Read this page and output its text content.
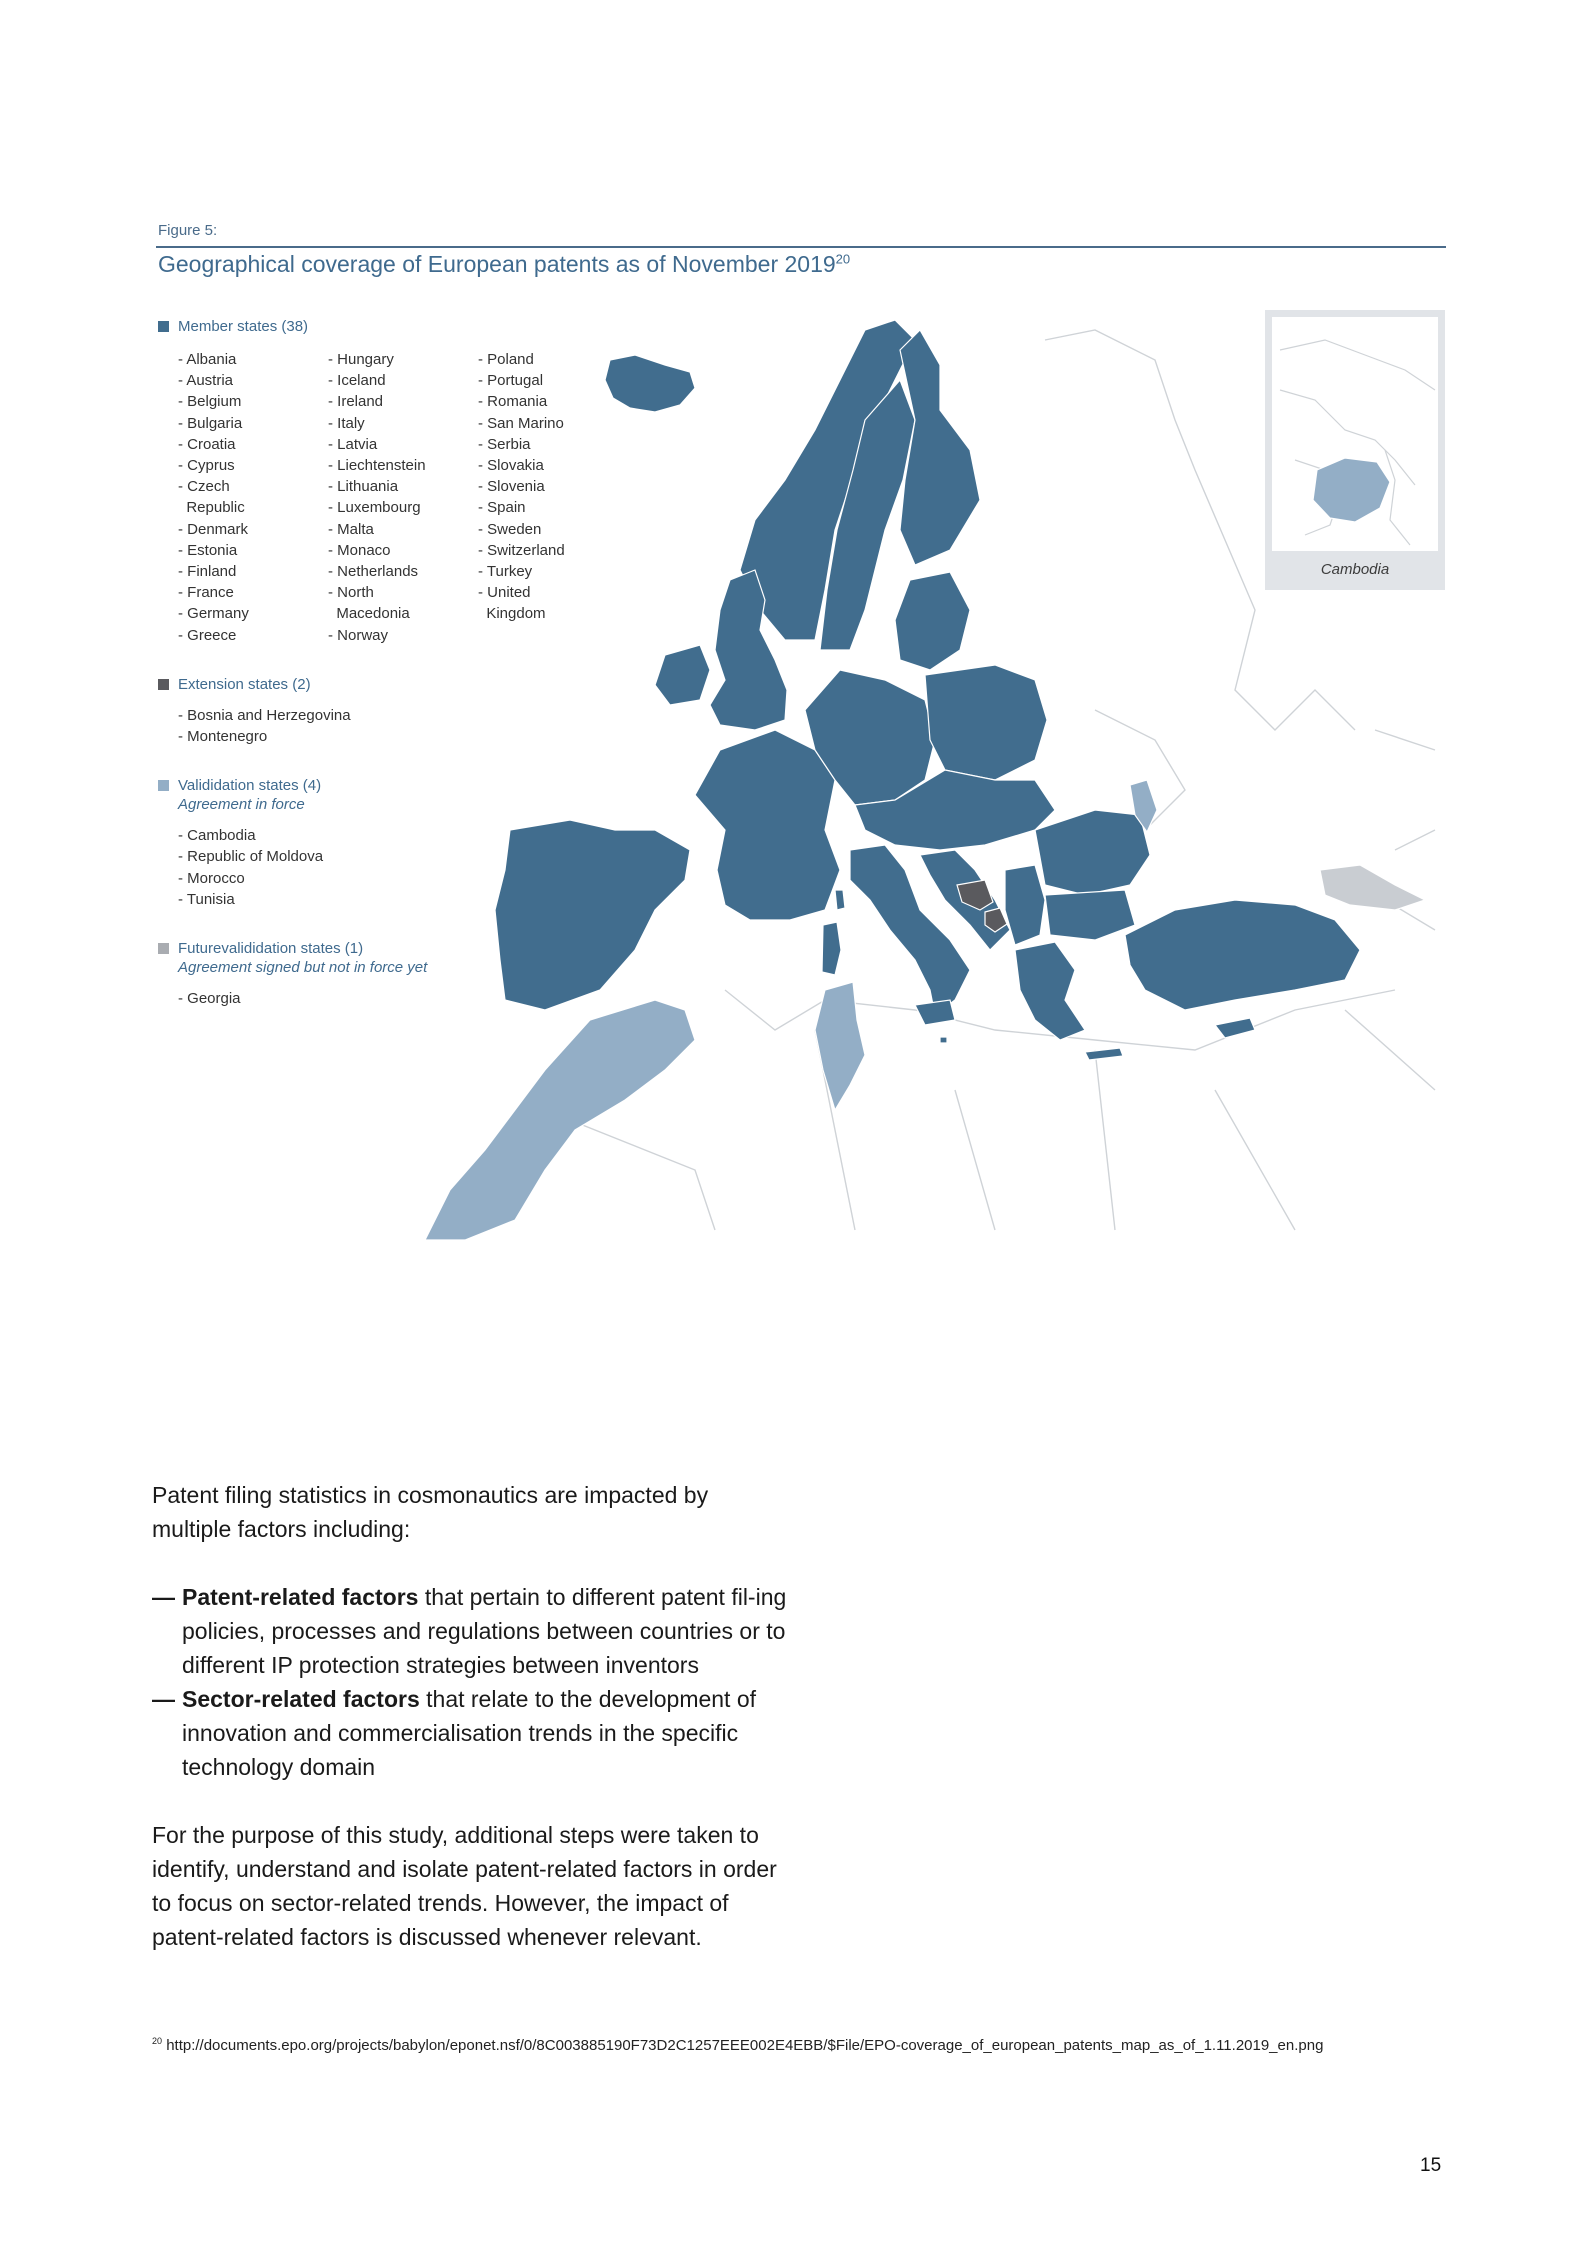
Figure 5:
Geographical coverage of European patents as of November 2019$^{20}$
Member states (38)
- Albania
- Austria
- Belgium
- Bulgaria
- Croatia
- Cyprus
- Czech
Republic
- Denmark
- Estonia
- Finland
- France
- Germany
- Greece
- Hungary
- Iceland
- Ireland
- Italy
- Latvia
- Liechtenstein
- Lithuania
- Luxembourg
- Malta
- Monaco
- Netherlands
- North
Macedonia
- Norway
- Poland
- Portugal
- Romania
- San Marino
- Serbia
- Slovakia
- Slovenia
- Spain
- Sweden
- Switzerland
- Turkey
- United
Kingdom
Extension states (2)
- Bosnia and Herzegovina
- Montenegro
Valididation states (4)
Agreement in force
- Cambodia
- Republic of Moldova
- Morocco
- Tunisia
Futurevalididation states (1)
Agreement signed but not in force yet
- Georgia
Cambodia
Patent filing statistics in cosmonautics are impacted by multiple factors including:
— Patent-related factors that pertain to different patent fil-ing policies, processes and regulations between countries or to different IP protection strategies between inventors
— Sector-related factors that relate to the development of innovation and commercialisation trends in the specific technology domain
For the purpose of this study, additional steps were taken to identify, understand and isolate patent-related factors in order to focus on sector-related trends. However, the impact of patent-related factors is discussed whenever relevant.
$^{20}$ http://documents.epo.org/projects/babylon/eponet.nsf/0/8C003885190F73D2C1257EEE002E4EBB/$File/EPO-coverage_of_european_patents_map_as_of_1.11.2019_en.png
15
